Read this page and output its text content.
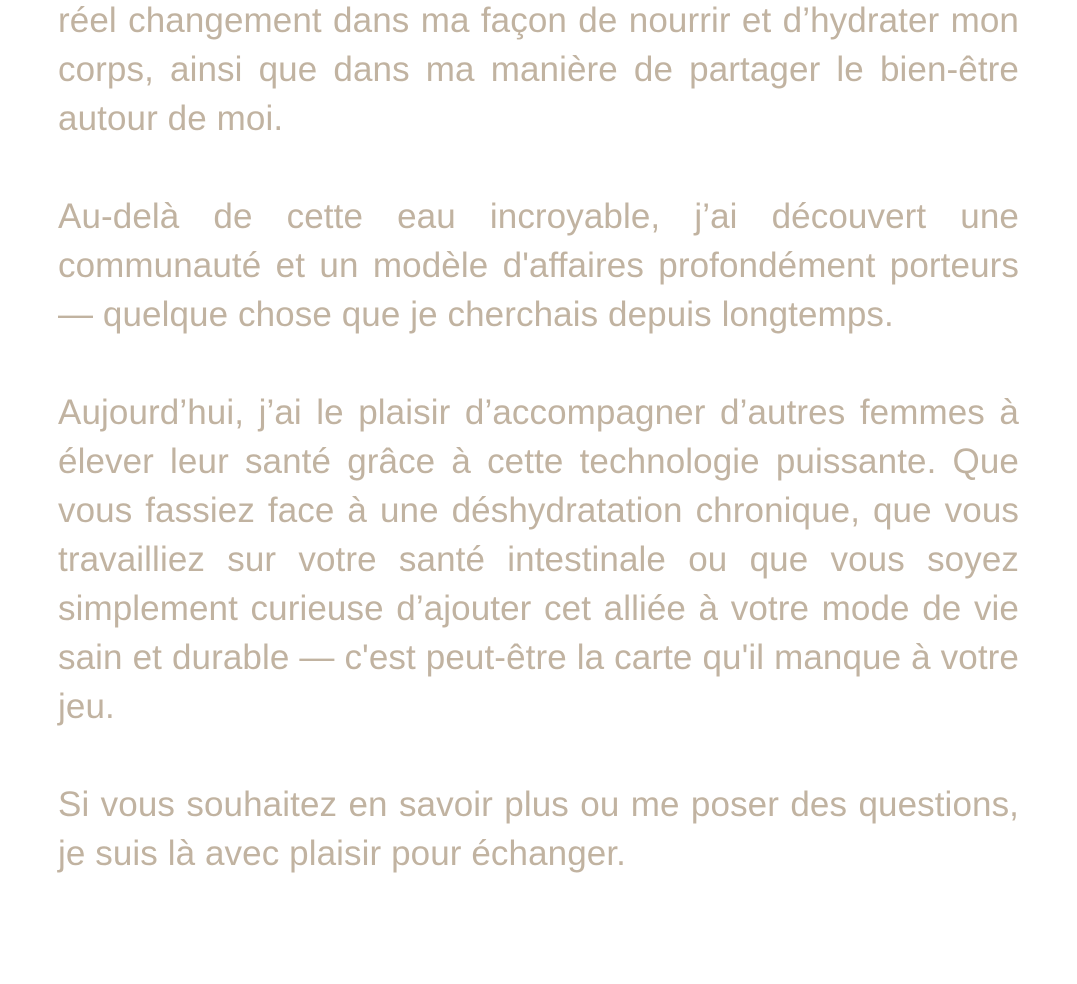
réel changement dans ma façon de nourrir et d’hydrater mon corps, ainsi que dans ma manière de partager le bien-être autour de moi.

Au-delà de cette eau incroyable, j’ai découvert une communauté et un modèle d'affaires profondément porteurs — quelque chose que je cherchais depuis longtemps.

Aujourd’hui, j’ai le plaisir d’accompagner d’autres femmes à élever leur santé grâce à cette technologie puissante. Que vous fassiez face à une déshydratation chronique, que vous travailliez sur votre santé intestinale ou que vous soyez simplement curieuse d’ajouter cet alliée à votre mode de vie sain et durable — c'est peut-être la carte qu'il manque à votre jeu.

Si vous souhaitez en savoir plus ou me poser des questions, je suis là avec plaisir pour échanger.
